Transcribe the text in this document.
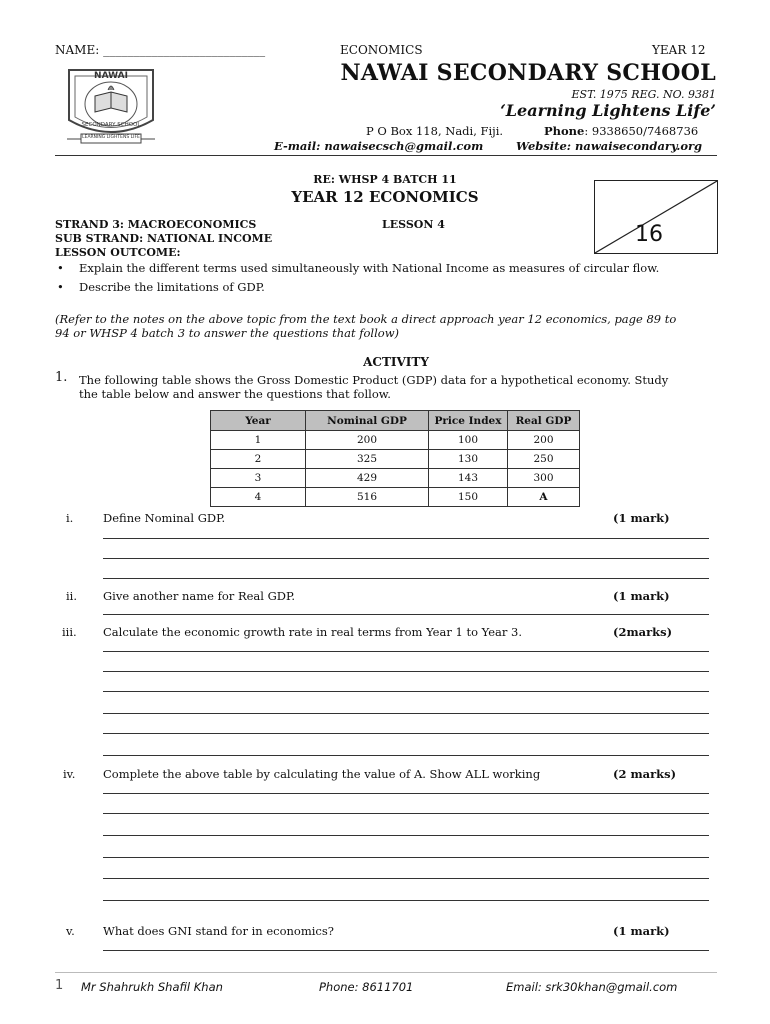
NAME: ___________________________	ECONOMICS	YEAR 12
NAWAI
SECONDARY SCHOOL
LEARNING LIGHTENS LIFE
NAWAI SECONDARY SCHOOL
EST. 1975 REG. NO. 9381
‘Learning Lightens Life’
P O Box 118, Nadi, Fiji.	Phone: 9338650/7468736
E-mail: nawaisecsch@gmail.com	Website: nawaisecondary.org
RE: WHSP 4 BATCH 11
YEAR 12 ECONOMICS
16
STRAND 3: MACROECONOMICS	LESSON 4
SUB STRAND: NATIONAL INCOME
LESSON OUTCOME:
• Explain the different terms used simultaneously with National Income as measures of circular flow.
• Describe the limitations of GDP.
(Refer to the notes on the above topic from the text book a direct approach year 12 economics, page 89 to
94 or WHSP 4 batch 3 to answer the questions that follow)
ACTIVITY
1. The following table shows the Gross Domestic Product (GDP) data for a hypothetical economy. Study
the table below and answer the questions that follow.
Year	Nominal GDP	Price Index	Real GDP
1	200	100	200
2	325	130	250
3	429	143	300
4	516	150	A
i.	Define Nominal GDP.	(1 mark)
ii. Give another name for Real GDP.	(1 mark)
iii. Calculate the economic growth rate in real terms from Year 1 to Year 3.	(2marks)
iv. Complete the above table by calculating the value of A. Show ALL working	(2 marks)
v. What does GNI stand for in economics?	(1 mark)
1 Mr Shahrukh Shafil Khan	Phone: 8611701	Email: srk30khan@gmail.com
